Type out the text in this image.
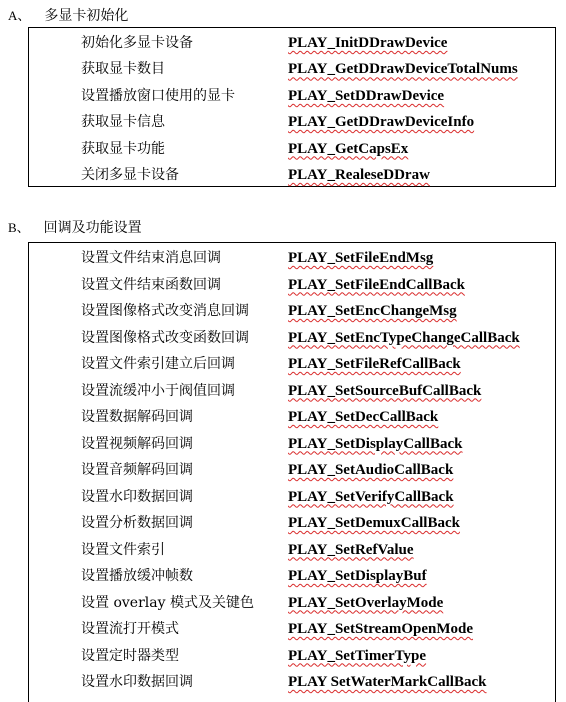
A、 多显卡初始化
初始化多显卡设备	PLAY_InitDDrawDevice
获取显卡数目	PLAY_GetDDrawDeviceTotalNums
设置播放窗口使用的显卡	PLAY_SetDDrawDevice
获取显卡信息	PLAY_GetDDrawDeviceInfo
获取显卡功能	PLAY_GetCapsEx
关闭多显卡设备	PLAY_RealeseDDraw
B、 回调及功能设置
设置文件结束消息回调	PLAY_SetFileEndMsg
设置文件结束函数回调	PLAY_SetFileEndCallBack
设置图像格式改变消息回调	PLAY_SetEncChangeMsg
设置图像格式改变函数回调	PLAY_SetEncTypeChangeCallBack
设置文件索引建立后回调	PLAY_SetFileRefCallBack
设置流缓冲小于阀值回调	PLAY_SetSourceBufCallBack
设置数据解码回调	PLAY_SetDecCallBack
设置视频解码回调	PLAY_SetDisplayCallBack
设置音频解码回调	PLAY_SetAudioCallBack
设置水印数据回调	PLAY_SetVerifyCallBack
设置分析数据回调	PLAY_SetDemuxCallBack
设置文件索引	PLAY_SetRefValue
设置播放缓冲帧数	PLAY_SetDisplayBuf
设置 overlay 模式及关键色 PLAY_SetOverlayMode
设置流打开模式	PLAY_SetStreamOpenMode
设置定时器类型	PLAY_SetTimerType
设置水印数据回调	PLAY SetWaterMarkCallBack
